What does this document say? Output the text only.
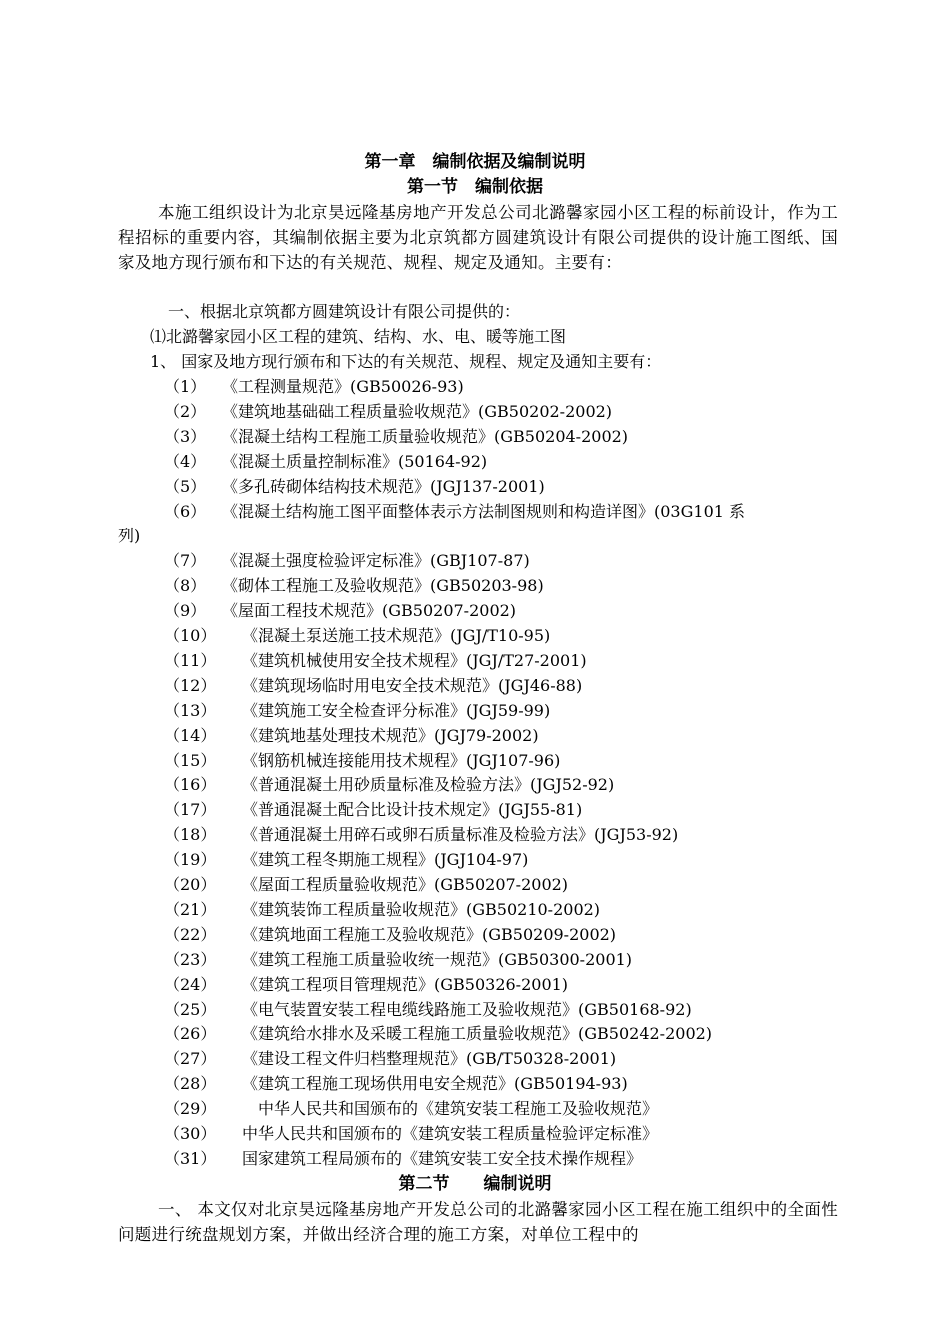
第一章　编制依据及编制说明
第一节　编制依据
本施工组织设计为北京昊远隆基房地产开发总公司北潞馨家园小区工程的标前设计，作为工程招标的重要内容，其编制依据主要为北京筑都方圆建筑设计有限公司提供的设计施工图纸、国家及地方现行颁布和下达的有关规范、规程、规定及通知。主要有：
一、根据北京筑都方圆建筑设计有限公司提供的：
⑴北潞馨家园小区工程的建筑、结构、水、电、暖等施工图
1、 国家及地方现行颁布和下达的有关规范、规程、规定及通知主要有：
（1） 《工程测量规范》(GB50026-93)
（2） 《建筑地基础础工程质量验收规范》(GB50202-2002)
（3） 《混凝土结构工程施工质量验收规范》(GB50204-2002)
（4） 《混凝土质量控制标准》(50164-92)
（5） 《多孔砖砌体结构技术规范》(JGJ137-2001)
（6） 《混凝土结构施工图平面整体表示方法制图规则和构造详图》(03G101 系
列)
（7） 《混凝土强度检验评定标准》(GBJ107-87)
（8） 《砌体工程施工及验收规范》(GB50203-98)
（9） 《屋面工程技术规范》(GB50207-2002)
（10） 《混凝土泵送施工技术规范》(JGJ/T10-95)
（11） 《建筑机械使用安全技术规程》(JGJ/T27-2001)
（12） 《建筑现场临时用电安全技术规范》(JGJ46-88)
（13） 《建筑施工安全检查评分标准》(JGJ59-99)
（14） 《建筑地基处理技术规范》(JGJ79-2002)
（15） 《钢筋机械连接能用技术规程》(JGJ107-96)
（16） 《普通混凝土用砂质量标准及检验方法》(JGJ52-92)
（17） 《普通混凝土配合比设计技术规定》(JGJ55-81)
（18） 《普通混凝土用碎石或卵石质量标准及检验方法》(JGJ53-92)
（19） 《建筑工程冬期施工规程》(JGJ104-97)
（20） 《屋面工程质量验收规范》(GB50207-2002)
（21） 《建筑装饰工程质量验收规范》(GB50210-2002)
（22） 《建筑地面工程施工及验收规范》(GB50209-2002)
（23） 《建筑工程施工质量验收统一规范》(GB50300-2001)
（24） 《建筑工程项目管理规范》(GB50326-2001)
（25） 《电气装置安装工程电缆线路施工及验收规范》(GB50168-92)
（26） 《建筑给水排水及采暖工程施工质量验收规范》(GB50242-2002)
（27） 《建设工程文件归档整理规范》(GB/T50328-2001)
（28） 《建筑工程施工现场供用电安全规范》(GB50194-93)
（29）　中华人民共和国颁布的《建筑安装工程施工及验收规范》
（30） 中华人民共和国颁布的《建筑安装工程质量检验评定标准》
（31） 国家建筑工程局颁布的《建筑安装工安全技术操作规程》
第二节　　编制说明
一、 本文仅对北京昊远隆基房地产开发总公司的北潞馨家园小区工程在施工组织中的全面性问题进行统盘规划方案，并做出经济合理的施工方案，对单位工程中的
